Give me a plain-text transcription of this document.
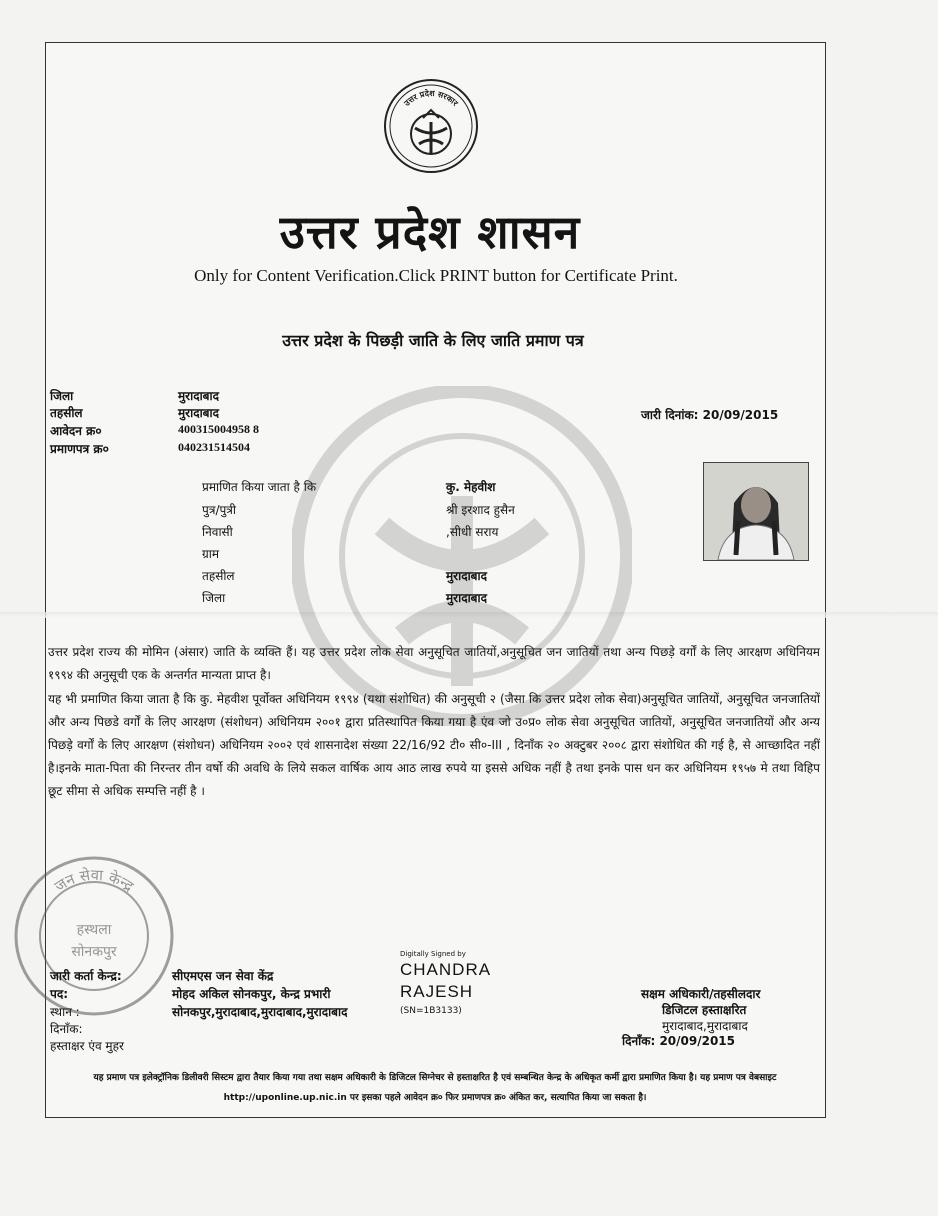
उत्तर प्रदेश सरकार
उत्तर प्रदेश शासन
Only for Content Verification.Click PRINT button for Certificate Print.
उत्तर प्रदेश के पिछड़ी जाति के लिए जाति प्रमाण पत्र
जिला	मुरादाबाद
तहसील	मुरादाबाद
आवेदन क्र०	400315004958 8
प्रमाणपत्र क्र०	040231514504
जारी दिनांक: 20/09/2015
प्रमाणित किया जाता है कि	कु. मेहवीश
पुत्र/पुत्री	श्री इरशाद हुसैन
निवासी	,सीधी सराय
ग्राम
तहसील	मुरादाबाद
जिला	मुरादाबाद
उत्तर प्रदेश राज्य की मोमिन (अंसार) जाति के व्यक्ति हैं। यह उत्तर प्रदेश लोक सेवा अनुसूचित जातियों,अनुसूचित जन जातियों तथा अन्य पिछड़े वर्गों के लिए आरक्षण अधिनियम १९९४ की अनुसूची एक के अन्तर्गत मान्यता प्राप्त है।
यह भी प्रमाणित किया जाता है कि कु. मेहवीश पूर्वोक्त अधिनियम १९९४ (यथा संशोधित) की अनुसूची २ (जैसा कि उत्तर प्रदेश लोक सेवा)अनुसूचित जातियों, अनुसूचित जनजातियों और अन्य पिछडे वर्गों के लिए आरक्षण (संशोधन) अधिनियम २००१ द्वारा प्रतिस्थापित किया गया है एंव जो उ०प्र० लोक सेवा अनुसूचित जातियों, अनुसूचित जनजातियों और अन्य पिछड़े वर्गों के लिए आरक्षण (संशोधन) अधिनियम २००२ एवं शासनादेश संख्या 22/16/92 टी० सी०-III , दिनाँक २० अक्टुबर २००८ द्वारा संशोधित की गई है, से आच्छादित नहीं है।इनके माता-पिता की निरन्तर तीन वर्षो की अवधि के लिये सकल वार्षिक आय आठ लाख रुपये या इससे अधिक नहीं है तथा इनके पास धन कर अधिनियम १९५७ मे तथा विहिप छूट सीमा से अधिक सम्पत्ति नहीं है ।
जन सेवा केन्द्र
हस्थला
सोनकपुर
जारी कर्ता केन्द्र:	सीएमएस जन सेवा केंद्र
पद:	मोहद अकिल सोनकपुर, केन्द्र प्रभारी
स्थान :	सोनकपुर,मुरादाबाद,मुरादाबाद,मुरादाबाद
दिनाँक:
हस्ताक्षर एंव मुहर
Digitally Signed by
CHANDRA
RAJESH
(SN=1B3133)
सक्षम अधिकारी/तहसीलदार
डिजिटल हस्ताक्षरित
मुरादाबाद,मुरादाबाद
दिनाँक: 20/09/2015
यह प्रमाण पत्र इलेक्ट्रॉनिक डिलीवरी सिस्टम द्वारा तैयार किया गया तथा सक्षम अधिकारी के डिजिटल सिग्नेचर से हस्ताक्षरित है एवं सम्बन्धित केन्द्र के अधिकृत कर्मी द्वारा प्रमाणित किया है। यह प्रमाण पत्र वेबसाइट http://uponline.up.nic.in पर इसका पहले आवेदन क्र० फिर प्रमाणपत्र क्र० अंकित कर, सत्यापित किया जा सकता है।
